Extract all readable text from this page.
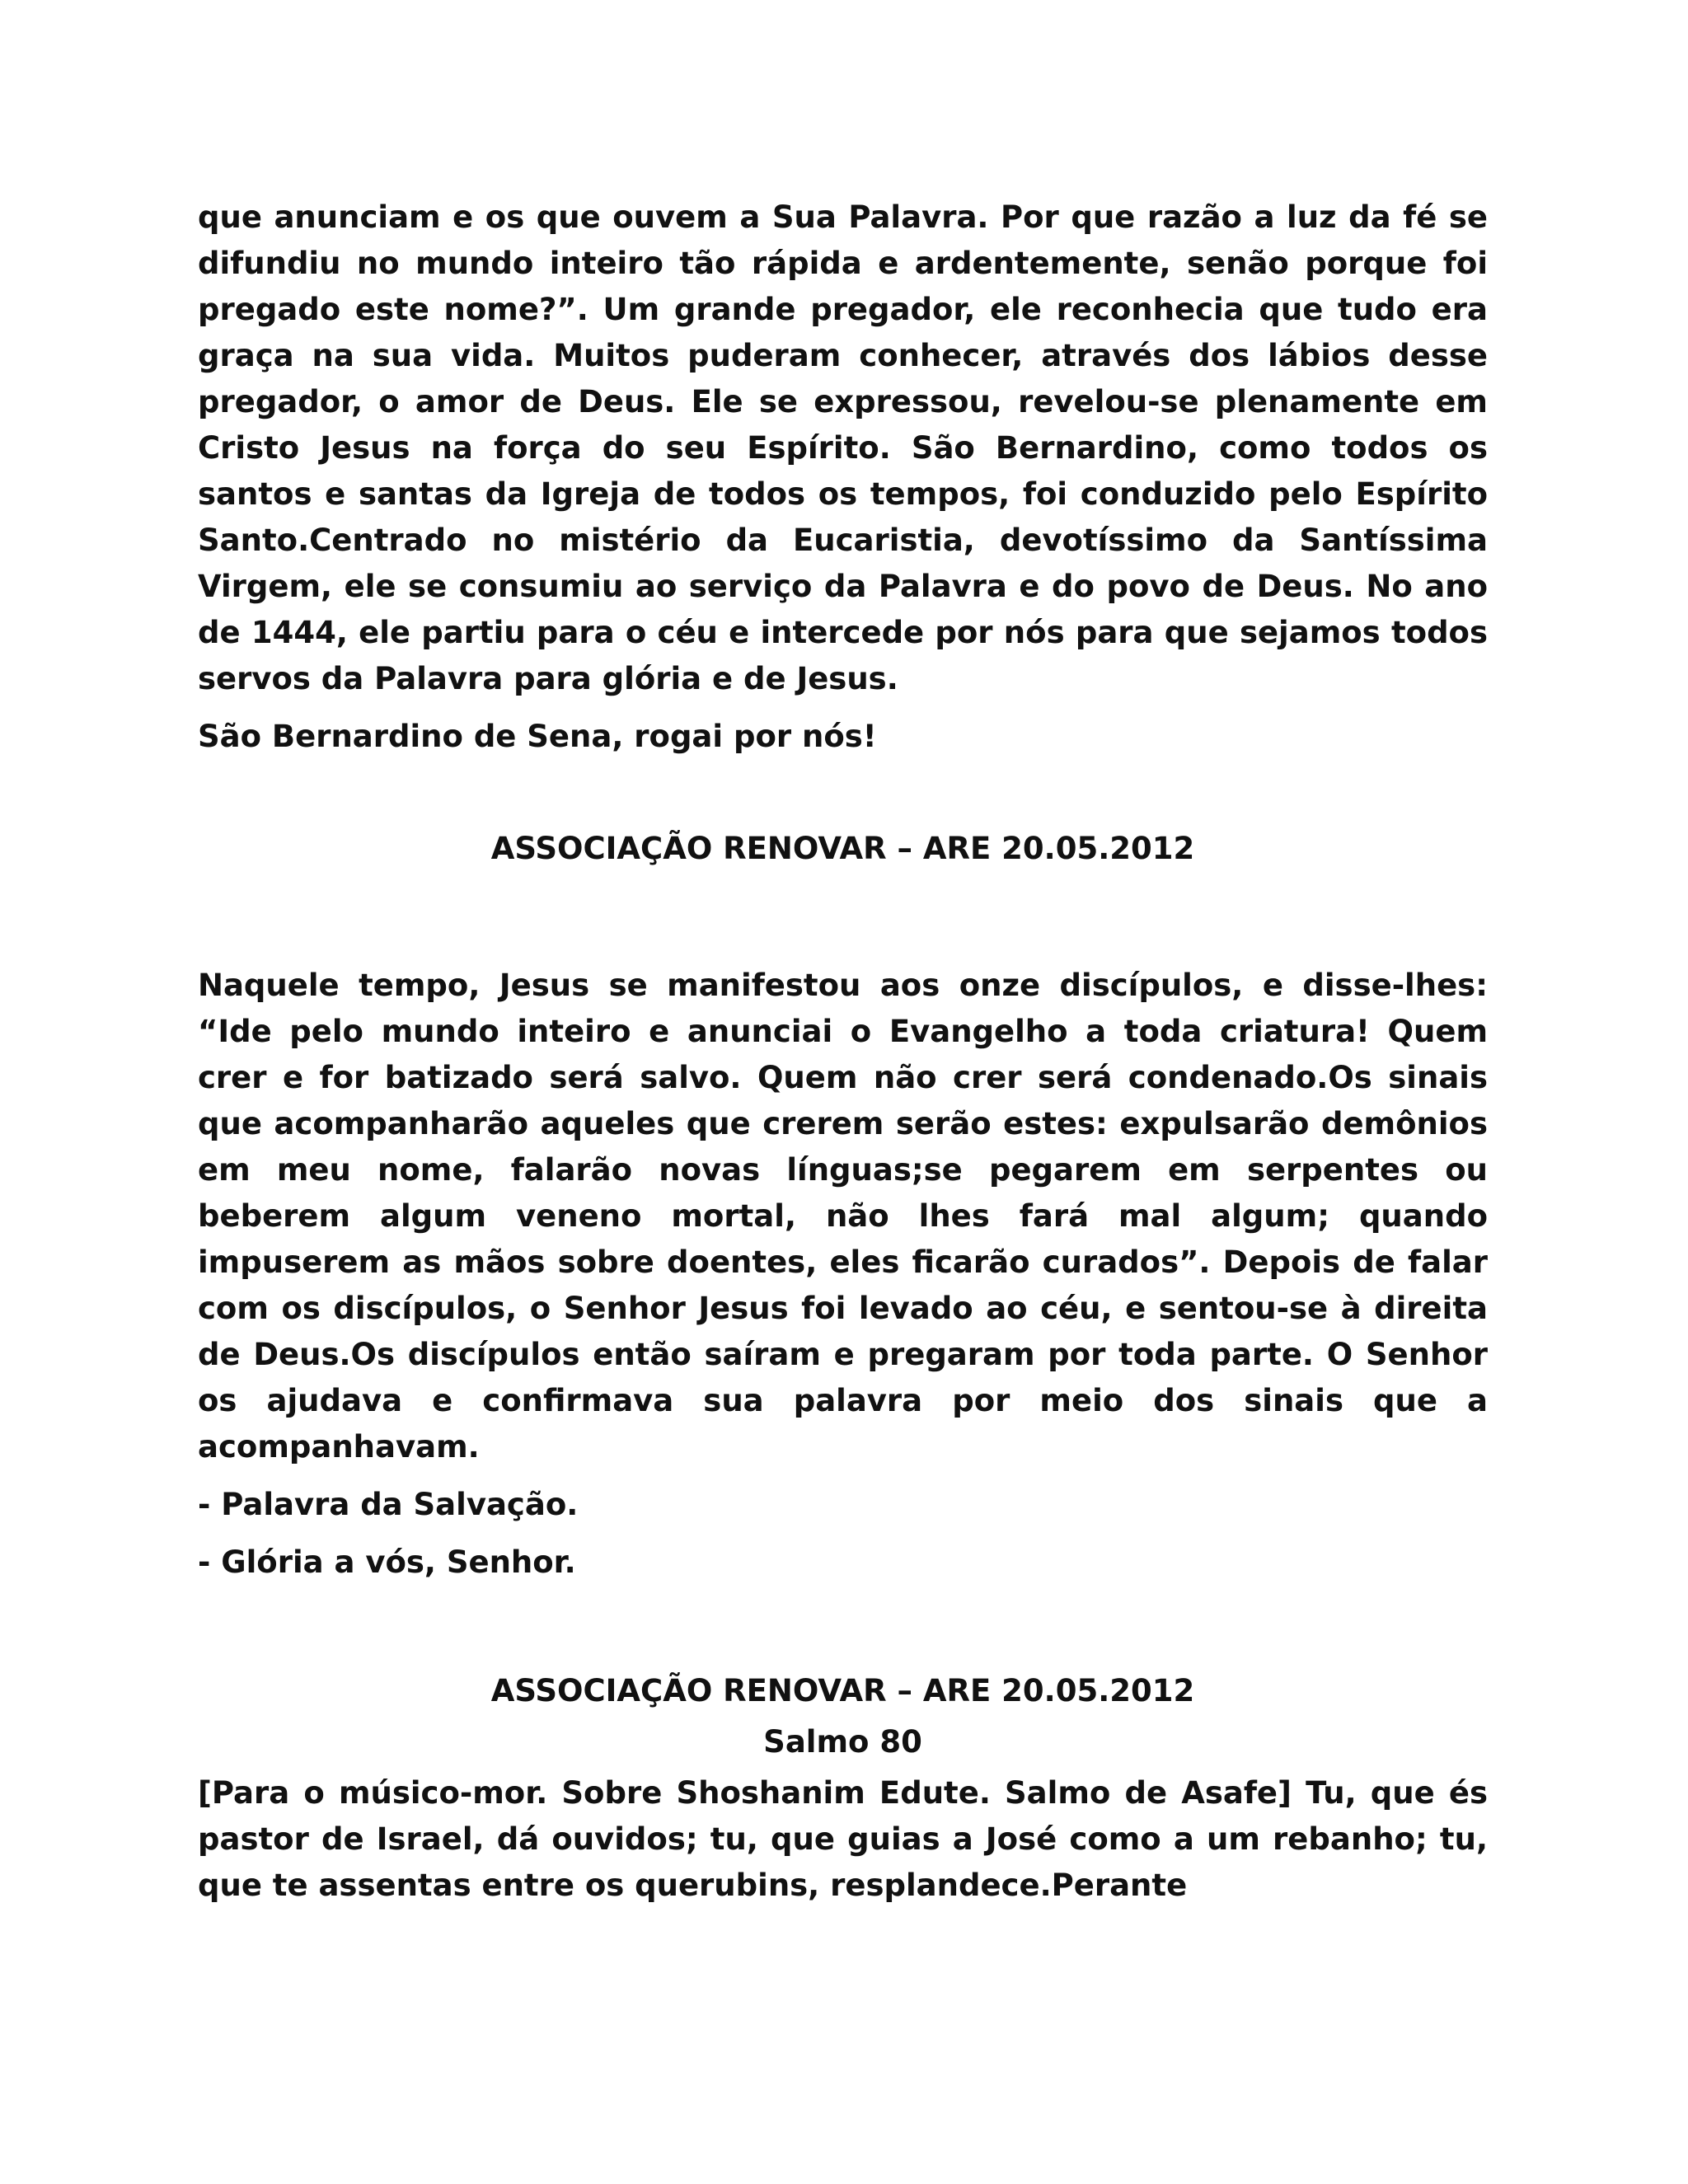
que anunciam e os que ouvem a Sua Palavra. Por que razão a luz da fé se difundiu no mundo inteiro tão rápida e ardentemente, senão porque foi pregado este nome?”. Um grande pregador, ele reconhecia que tudo era graça na sua vida. Muitos puderam conhecer, através dos lábios desse pregador, o amor de Deus. Ele se expressou, revelou-se plenamente em Cristo Jesus na força do seu Espírito. São Bernardino, como todos os santos e santas da Igreja de todos os tempos, foi conduzido pelo Espírito Santo.Centrado no mistério da Eucaristia, devotíssimo da Santíssima Virgem, ele se consumiu ao serviço da Palavra e do povo de Deus. No ano de 1444, ele partiu para o céu e intercede por nós para que sejamos todos servos da Palavra para glória e de Jesus.

São Bernardino de Sena, rogai por nós!

ASSOCIAÇÃO RENOVAR – ARE 20.05.2012

Naquele tempo, Jesus se manifestou aos onze discípulos, e disse-lhes: “Ide pelo mundo inteiro e anunciai o Evangelho a toda criatura! Quem crer e for batizado será salvo. Quem não crer será condenado.Os sinais que acompanharão aqueles que crerem serão estes: expulsarão demônios em meu nome, falarão novas línguas;se pegarem em serpentes ou beberem algum veneno mortal, não lhes fará mal algum; quando impuserem as mãos sobre doentes, eles ficarão curados”. Depois de falar com os discípulos, o Senhor Jesus foi levado ao céu, e sentou-se à direita de Deus.Os discípulos então saíram e pregaram por toda parte. O Senhor os ajudava e confirmava sua palavra por meio dos sinais que a acompanhavam.

- Palavra da Salvação.

- Glória a vós, Senhor.

ASSOCIAÇÃO RENOVAR – ARE 20.05.2012

Salmo 80

[Para o músico-mor. Sobre Shoshanim Edute. Salmo de Asafe] Tu, que és pastor de Israel, dá ouvidos; tu, que guias a José como a um rebanho; tu, que te assentas entre os querubins, resplandece.Perante
